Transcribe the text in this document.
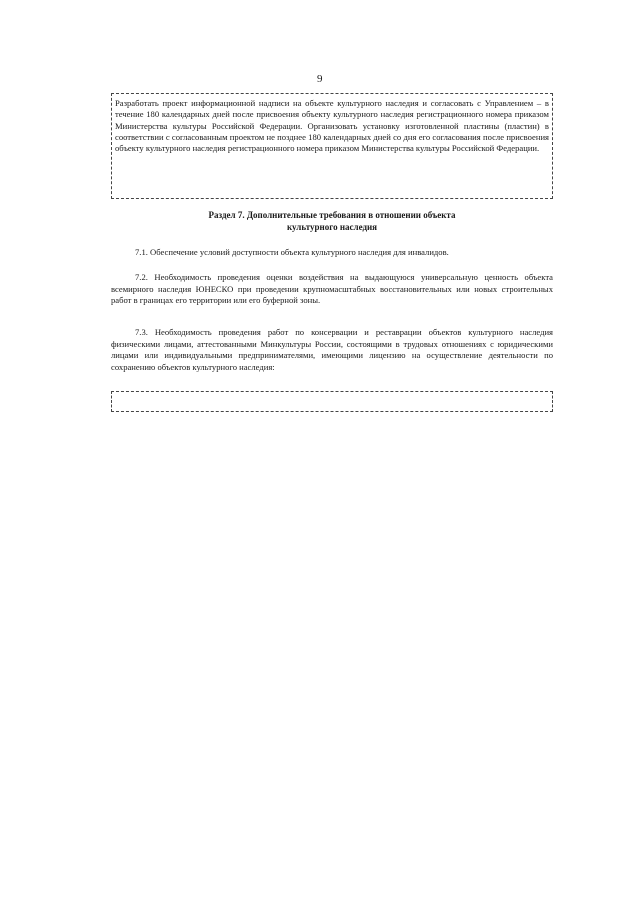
9

Разработать проект информационной надписи на объекте культурного наследия и согласовать с Управлением – в течение 180 календарных дней после присвоения объекту культурного наследия регистрационного номера приказом Министерства культуры Российской Федерации. Организовать установку изготовленной пластины (пластин) в соответствии с согласованным проектом не позднее 180 календарных дней со дня его согласования после присвоения объекту культурного наследия регистрационного номера приказом Министерства культуры Российской Федерации.

Раздел 7. Дополнительные требования в отношении объекта
культурного наследия

7.1. Обеспечение условий доступности объекта культурного наследия для инвалидов.

7.2. Необходимость проведения оценки воздействия на выдающуюся универсальную ценность объекта всемирного наследия ЮНЕСКО при проведении крупномасштабных восстановительных или новых строительных работ в границах его территории или его буферной зоны.

7.3. Необходимость проведения работ по консервации и реставрации объектов культурного наследия физическими лицами, аттестованными Минкультуры России, состоящими в трудовых отношениях с юридическими лицами или индивидуальными предпринимателями, имеющими лицензию на осуществление деятельности по сохранению объектов культурного наследия:
